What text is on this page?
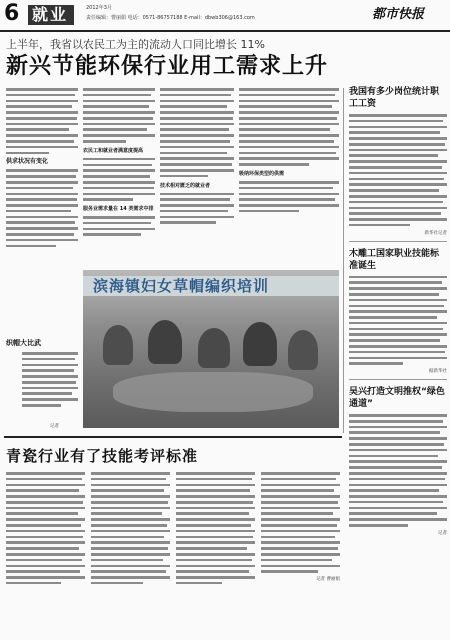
6 就业	2012年3月
责任编辑：曹丽娟 电话：0571-86757188 E-mail：dbwb306@163.com	都市快报
上半年，我省以农民工为主的流动人口同比增长 11%
新兴节能环保行业用工需求上升
供求状况有变化
农民工和就业者满意度提高
服务业需求量在 14 类需求中排
技术相对匮乏的就业者
吸纳环保类型的供需
滨海镇妇女草帽编织培训
织帽大比武
记者
我国有多少岗位统计职工工资
新华社记者
木雕工国家职业技能标准诞生
据新华社
吴兴打造文明推权“绿色通道”
记者
青瓷行业有了技能考评标准
记者 曹丽娟
